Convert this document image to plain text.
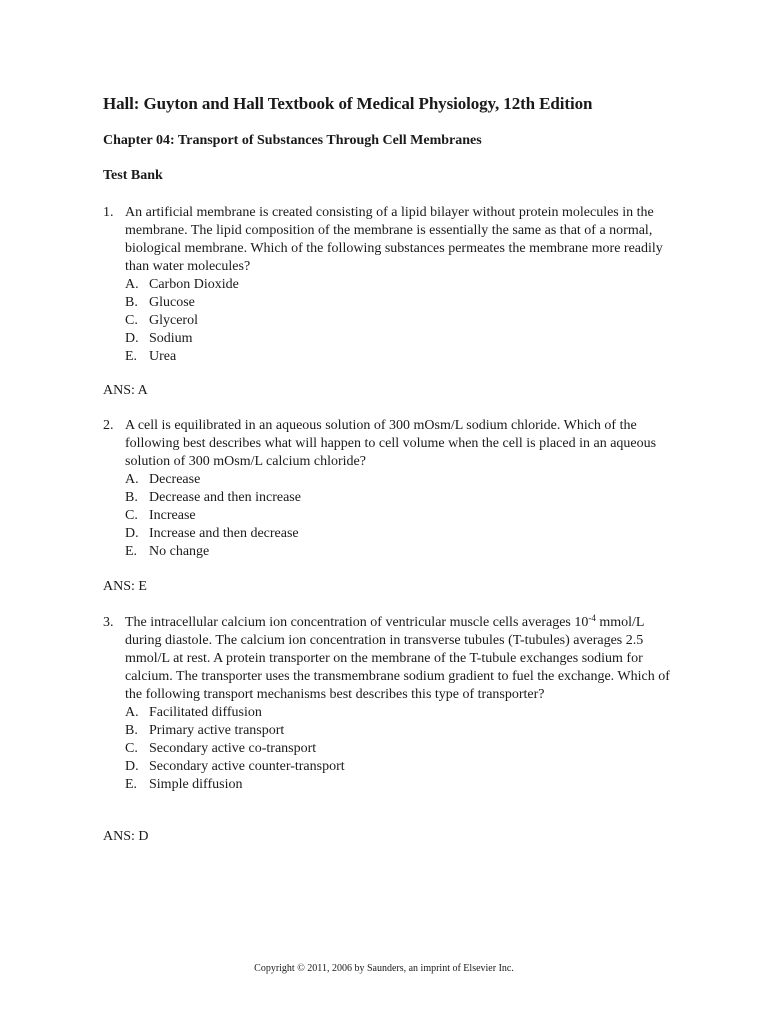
Hall: Guyton and Hall Textbook of Medical Physiology, 12th Edition
Chapter 04: Transport of Substances Through Cell Membranes
Test Bank
1. An artificial membrane is created consisting of a lipid bilayer without protein molecules in the membrane. The lipid composition of the membrane is essentially the same as that of a normal, biological membrane. Which of the following substances permeates the membrane more readily than water molecules?
A. Carbon Dioxide
B. Glucose
C. Glycerol
D. Sodium
E. Urea
ANS: A
2. A cell is equilibrated in an aqueous solution of 300 mOsm/L sodium chloride. Which of the following best describes what will happen to cell volume when the cell is placed in an aqueous solution of 300 mOsm/L calcium chloride?
A. Decrease
B. Decrease and then increase
C. Increase
D. Increase and then decrease
E. No change
ANS: E
3. The intracellular calcium ion concentration of ventricular muscle cells averages $10^{-4}$ mmol/L during diastole. The calcium ion concentration in transverse tubules (T-tubules) averages 2.5 mmol/L at rest. A protein transporter on the membrane of the T-tubule exchanges sodium for calcium. The transporter uses the transmembrane sodium gradient to fuel the exchange. Which of the following transport mechanisms best describes this type of transporter?
A. Facilitated diffusion
B. Primary active transport
C. Secondary active co-transport
D. Secondary active counter-transport
E. Simple diffusion
ANS: D
Copyright © 2011, 2006 by Saunders, an imprint of Elsevier Inc.
